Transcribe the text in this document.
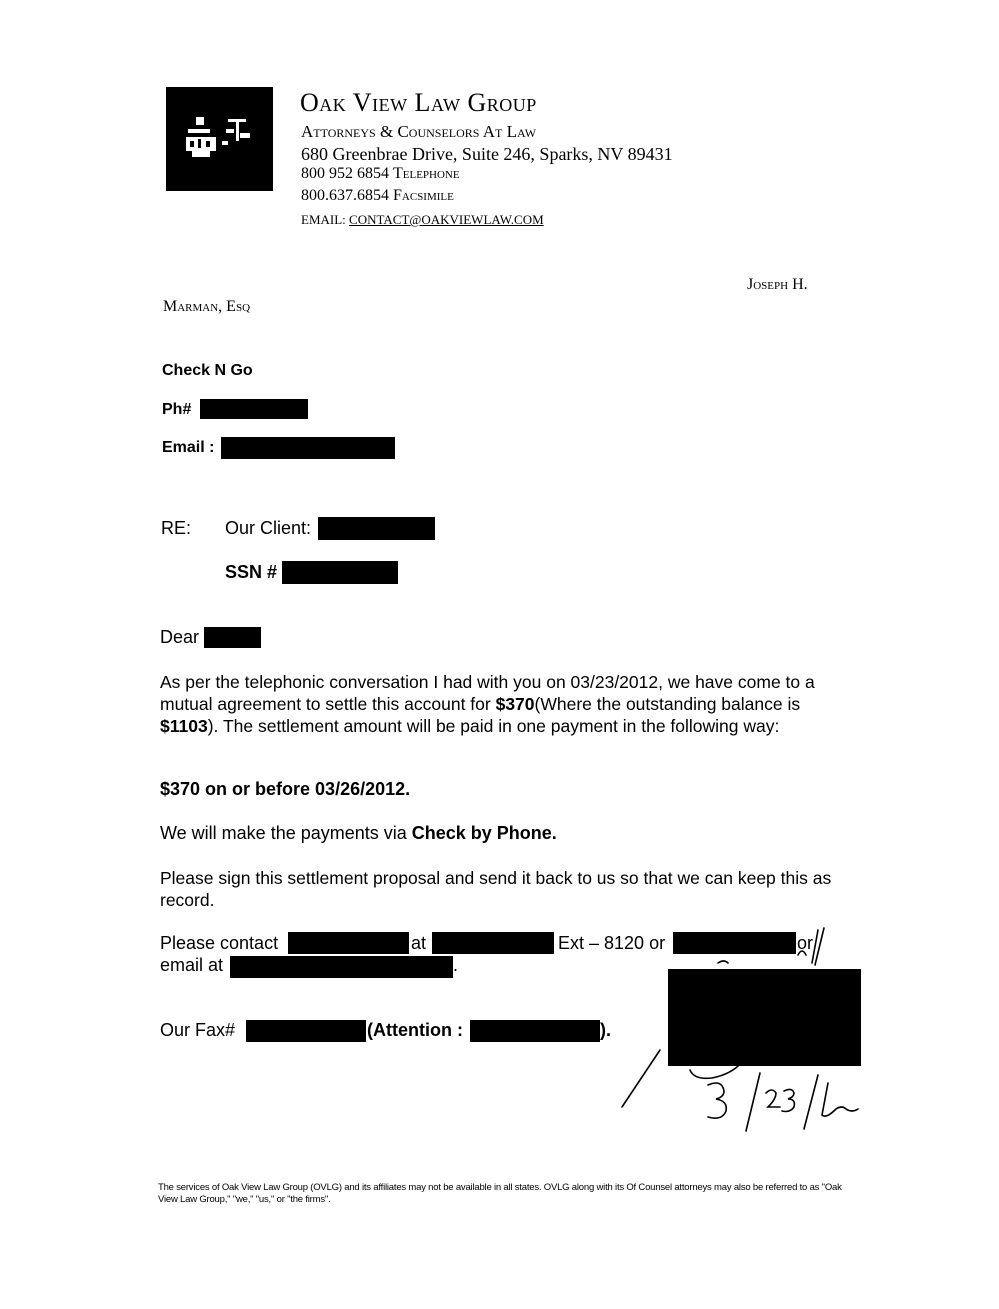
Oak View Law Group
Attorneys & Counselors At Law
680 Greenbrae Drive, Suite 246, Sparks, NV 89431
800 952 6854 Telephone
800.637.6854 Facsimile
EMAIL: CONTACT@OAKVIEWLAW.COM
Joseph H.
Marman, Esq
Check N Go
Ph#
Email :
RE: Our Client:
SSN #
Dear
As per the telephonic conversation I had with you on 03/23/2012, we have come to a mutual agreement to settle this account for $370(Where the outstanding balance is $1103). The settlement amount will be paid in one payment in the following way:
$370 on or before 03/26/2012.
We will make the payments via Check by Phone.
Please sign this settlement proposal and send it back to us so that we can keep this as record.
Please contact	at	Ext – 8120 or	or
email at	.
Our Fax#	(Attention :	).
The services of Oak View Law Group (OVLG) and its affiliates may not be available in all states. OVLG along with its Of Counsel attorneys may also be referred to as "Oak View Law Group," "we," "us," or "the firms".
